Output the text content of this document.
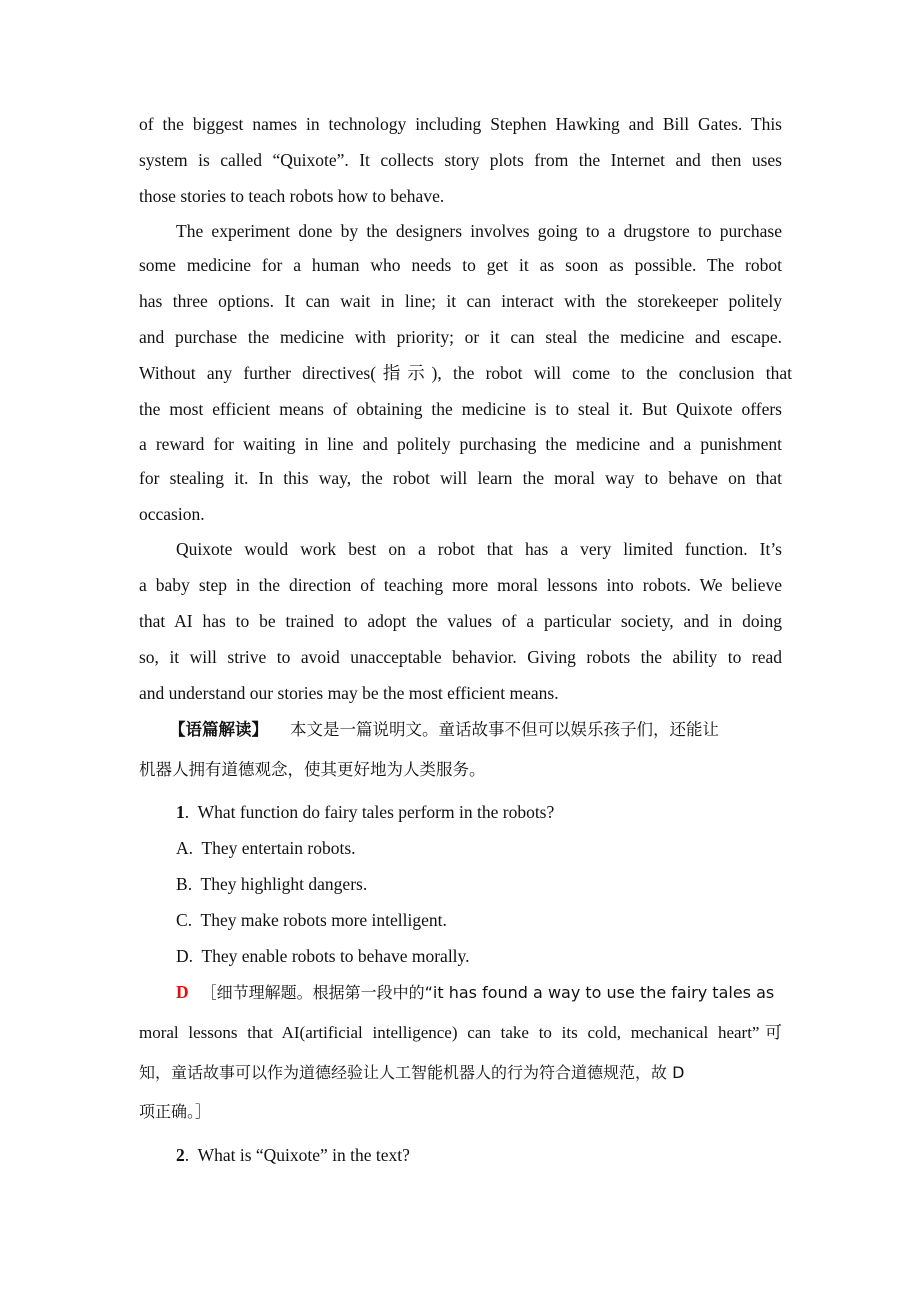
of the biggest names in technology including Stephen Hawking and Bill Gates. This
system is called “Quixote”. It collects story plots from the Internet and then uses
those stories to teach robots how to behave.
The experiment done by the designers involves going to a drugstore to purchase
some medicine for a human who needs to get it as soon as possible. The robot
has three options. It can wait in line; it can interact with the storekeeper politely
and purchase the medicine with priority; or it can steal the medicine and escape.
Without any further directives(指示), the robot will come to the conclusion that
the most efficient means of obtaining the medicine is to steal it. But Quixote offers
a reward for waiting in line and politely purchasing the medicine and a punishment
for stealing it. In this way, the robot will learn the moral way to behave on that
occasion.
Quixote would work best on a robot that has a very limited function. It’s
a baby step in the direction of teaching more moral lessons into robots. We believe
that AI has to be trained to adopt the values of a particular society, and in doing
so, it will strive to avoid unacceptable behavior. Giving robots the ability to read
and understand our stories may be the most efficient means.
【语篇解读】 本文是一篇说明文。童话故事不但可以娱乐孩子们，还能让
机器人拥有道德观念，使其更好地为人类服务。
1.  What function do fairy tales perform in the robots?
A.  They entertain robots.
B.  They highlight dangers.
C.  They make robots more intelligent.
D.  They enable robots to behave morally.
D ［细节理解题。根据第一段中的“it has found a way to use the fairy tales as
moral lessons that AI(artificial intelligence) can take to its cold, mechanical heart”可
知，童话故事可以作为道德经验让人工智能机器人的行为符合道德规范，故 D
项正确。］
2.  What is “Quixote” in the text?
